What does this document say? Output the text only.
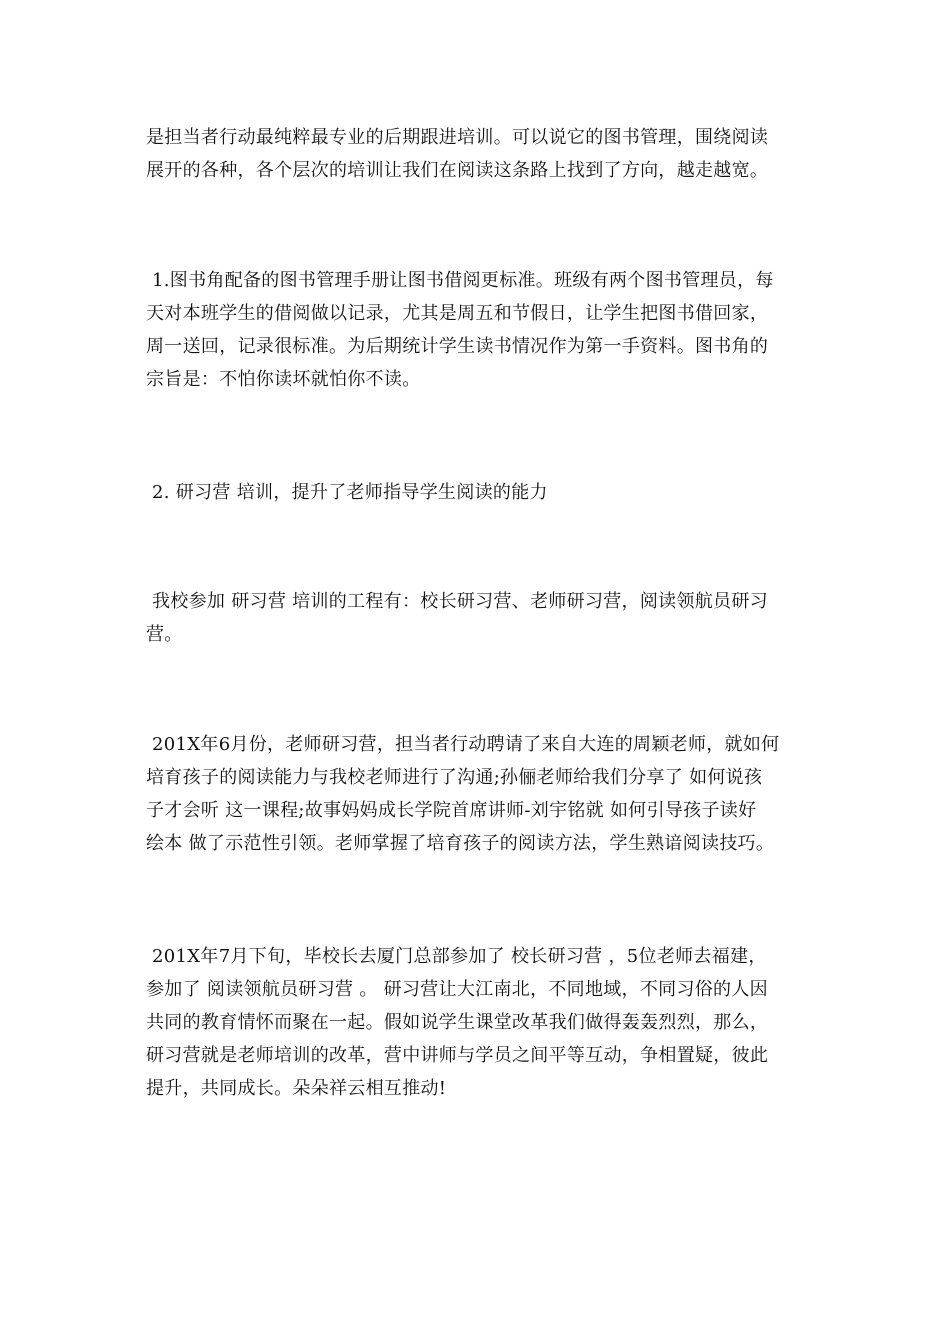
是担当者行动最纯粹最专业的后期跟进培训。可以说它的图书管理，围绕阅读
展开的各种，各个层次的培训让我们在阅读这条路上找到了方向，越走越宽。

1.图书角配备的图书管理手册让图书借阅更标准。班级有两个图书管理员，每
天对本班学生的借阅做以记录，尤其是周五和节假日，让学生把图书借回家，
周一送回，记录很标准。为后期统计学生读书情况作为第一手资料。图书角的
宗旨是：不怕你读坏就怕你不读。

2. 研习营 培训，提升了老师指导学生阅读的能力

我校参加 研习营 培训的工程有：校长研习营、老师研习营，阅读领航员研习
营。

201X年6月份，老师研习营，担当者行动聘请了来自大连的周颖老师，就如何
培育孩子的阅读能力与我校老师进行了沟通;孙俪老师给我们分享了 如何说孩
子才会听 这一课程;故事妈妈成长学院首席讲师-刘宇铭就 如何引导孩子读好
绘本 做了示范性引领。老师掌握了培育孩子的阅读方法，学生熟谙阅读技巧。

201X年7月下旬，毕校长去厦门总部参加了 校长研习营 ，5位老师去福建，
参加了 阅读领航员研习营 。 研习营让大江南北，不同地域，不同习俗的人因
共同的教育情怀而聚在一起。假如说学生课堂改革我们做得轰轰烈烈，那么，
研习营就是老师培训的改革，营中讲师与学员之间平等互动，争相置疑，彼此
提升，共同成长。朵朵祥云相互推动!
